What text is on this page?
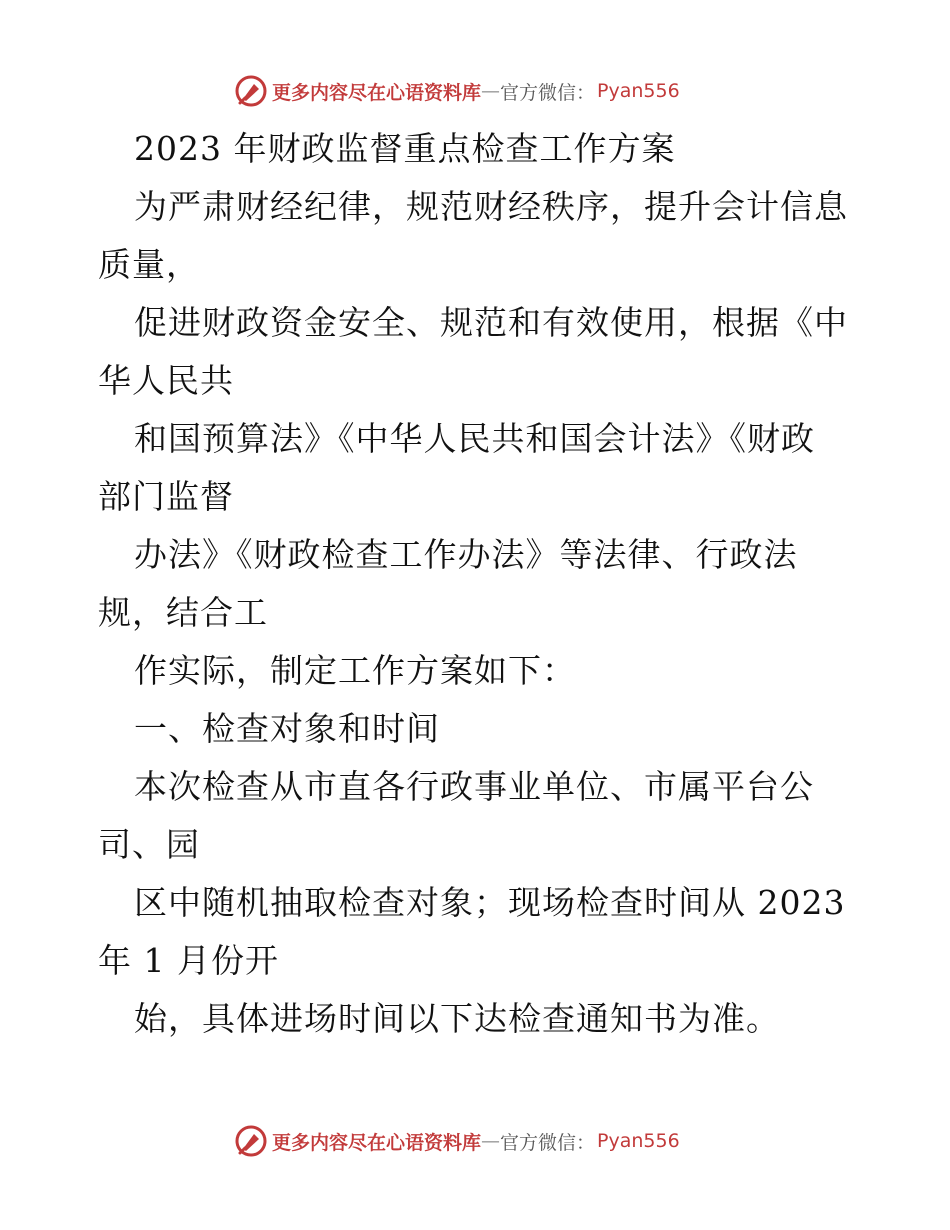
更多内容尽在心语资料库 — 官方微信： Pyan556
2023 年财政监督重点检查工作方案
为严肃财经纪律，规范财经秩序，提升会计信息
质量，
促进财政资金安全、规范和有效使用，根据《中
华人民共
和国预算法》《中华人民共和国会计法》《财政
部门监督
办法》《财政检查工作办法》等法律、行政法
规，结合工
作实际，制定工作方案如下：
一、检查对象和时间
本次检查从市直各行政事业单位、市属平台公
司、园
区中随机抽取检查对象；现场检查时间从 2023
年 1 月份开
始，具体进场时间以下达检查通知书为准。
更多内容尽在心语资料库 — 官方微信： Pyan556
